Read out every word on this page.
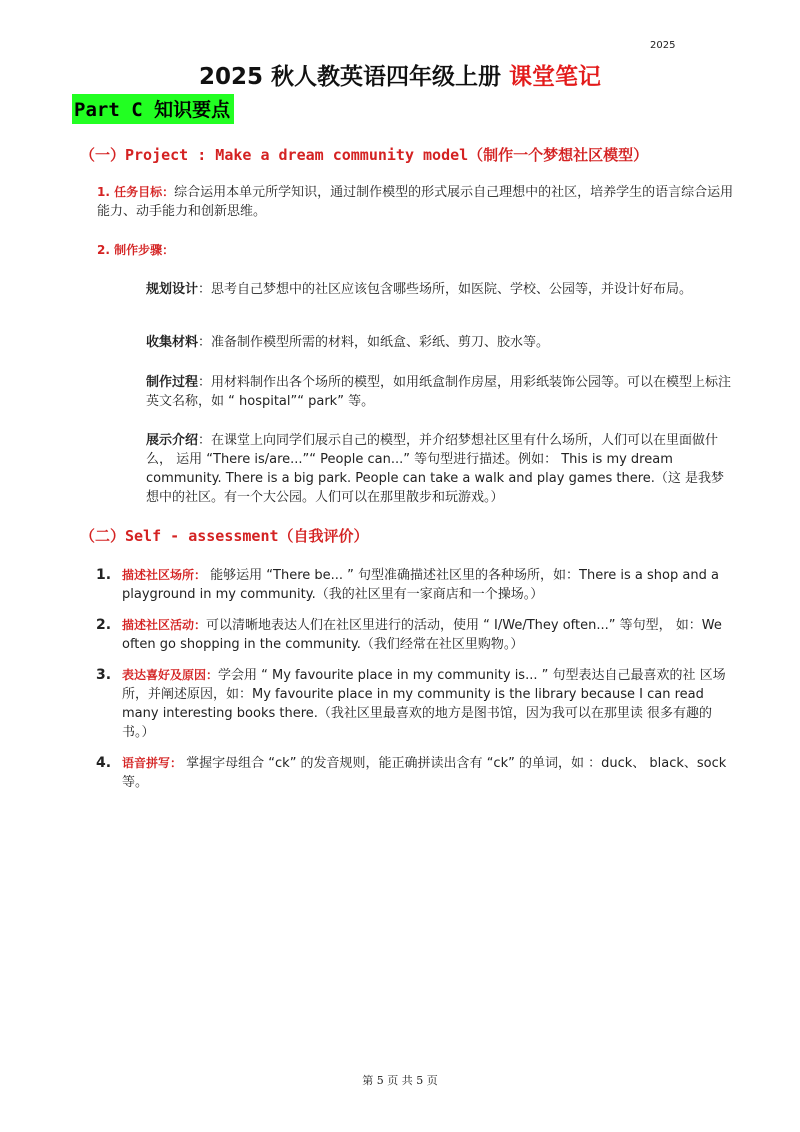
2025
2025 秋人教英语四年级上册 课堂笔记
Part C 知识要点
（一）Project : Make a dream community model（制作一个梦想社区模型）
1. 任务目标：综合运用本单元所学知识，通过制作模型的形式展示自己理想中的社区，培养学生的语言综合运用能力、动手能力和创新思维。
2. 制作步骤：
规划设计：思考自己梦想中的社区应该包含哪些场所，如医院、学校、公园等，并设计好布局。
收集材料：准备制作模型所需的材料，如纸盒、彩纸、剪刀、胶水等。
制作过程：用材料制作出各个场所的模型，如用纸盒制作房屋，用彩纸装饰公园等。可以在模型上标注英文名称，如 “ hospital”“ park” 等。
展示介绍：在课堂上向同学们展示自己的模型，并介绍梦想社区里有什么场所，人们可以在里面做什么， 运用 “There is/are...”“ People can...” 等句型进行描述。例如： This is my dream community. There is a big park. People can take a walk and play games there.（这 是我梦想中的社区。有一个大公园。人们可以在那里散步和玩游戏。）
（二）Self - assessment（自我评价）
1. 描述社区场所： 能够运用 “There be... ” 句型准确描述社区里的各种场所，如：There is a shop and a playground in my community.（我的社区里有一家商店和一个操场。）
2. 描述社区活动：可以清晰地表达人们在社区里进行的活动，使用 “ I/We/They often...” 等句型， 如：We often go shopping in the community.（我们经常在社区里购物。）
3. 表达喜好及原因：学会用 “ My favourite place in my community is... ” 句型表达自己最喜欢的社 区场所，并阐述原因，如：My favourite place in my community is the library because I can read many interesting books there.（我社区里最喜欢的地方是图书馆，因为我可以在那里读 很多有趣的书。）
4. 语音拼写： 掌握字母组合 “ck” 的发音规则，能正确拼读出含有 “ck” 的单词，如 ：duck、 black、sock 等。
第 5 页 共 5 页
